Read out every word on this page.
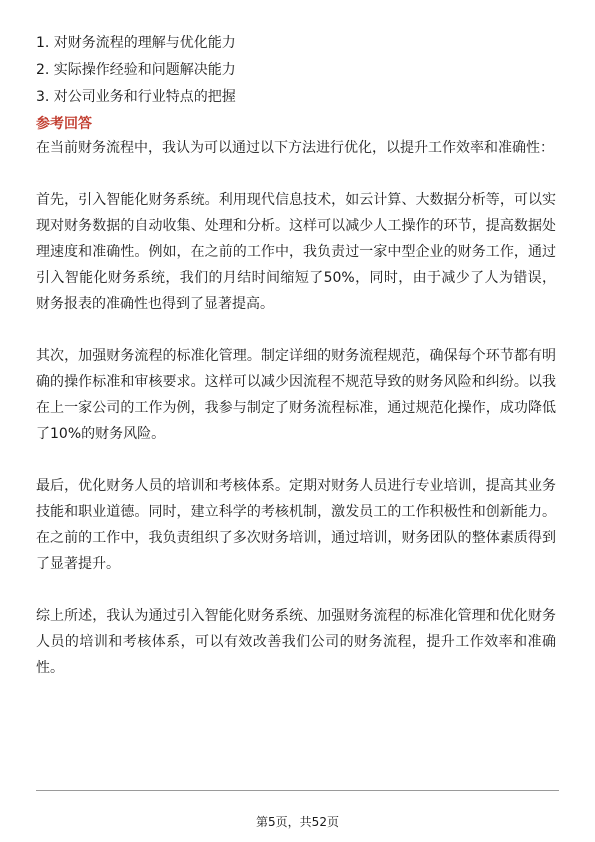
1. 对财务流程的理解与优化能力

2. 实际操作经验和问题解决能力

3. 对公司业务和行业特点的把握

参考回答

在当前财务流程中，我认为可以通过以下方法进行优化，以提升工作效率和准确性：

首先，引入智能化财务系统。利用现代信息技术，如云计算、大数据分析等，可以实现对财务数据的自动收集、处理和分析。这样可以减少人工操作的环节，提高数据处理速度和准确性。例如，在之前的工作中，我负责过一家中型企业的财务工作，通过引入智能化财务系统，我们的月结时间缩短了50%，同时，由于减少了人为错误，财务报表的准确性也得到了显著提高。

其次，加强财务流程的标准化管理。制定详细的财务流程规范，确保每个环节都有明确的操作标准和审核要求。这样可以减少因流程不规范导致的财务风险和纠纷。以我在上一家公司的工作为例，我参与制定了财务流程标准，通过规范化操作，成功降低了10%的财务风险。

最后，优化财务人员的培训和考核体系。定期对财务人员进行专业培训，提高其业务技能和职业道德。同时，建立科学的考核机制，激发员工的工作积极性和创新能力。在之前的工作中，我负责组织了多次财务培训，通过培训，财务团队的整体素质得到了显著提升。

综上所述，我认为通过引入智能化财务系统、加强财务流程的标准化管理和优化财务人员的培训和考核体系，可以有效改善我们公司的财务流程，提升工作效率和准确性。

第5页，共52页
